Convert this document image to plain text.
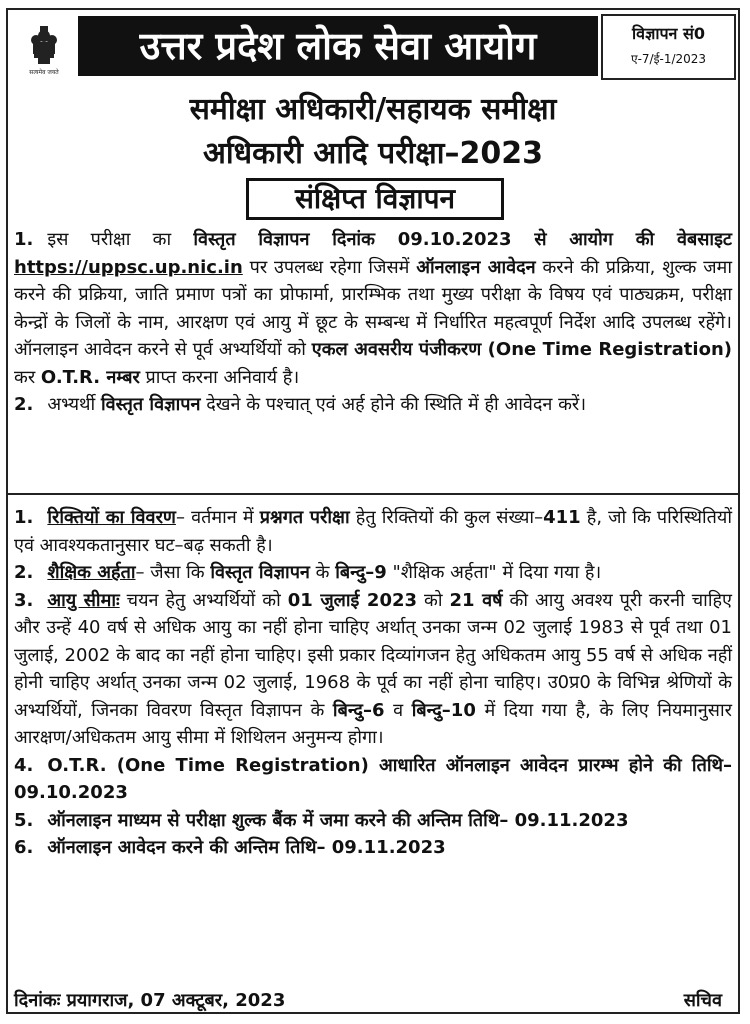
सत्यमेव जयते
उत्तर प्रदेश लोक सेवा आयोग	विज्ञापन सं0
ए-7/ई-1/2023
समीक्षा अधिकारी/सहायक समीक्षा
अधिकारी आदि परीक्षा–2023
संक्षिप्त विज्ञापन

1. इस परीक्षा का विस्तृत विज्ञापन दिनांक 09.10.2023 से आयोग की वेबसाइट https://uppsc.up.nic.in पर उपलब्ध रहेगा जिसमें ऑनलाइन आवेदन करने की प्रक्रिया, शुल्क जमा करने की प्रक्रिया, जाति प्रमाण पत्रों का प्रोफार्मा, प्रारम्भिक तथा मुख्य परीक्षा के विषय एवं पाठ्यक्रम, परीक्षा केन्द्रों के जिलों के नाम, आरक्षण एवं आयु में छूट के सम्बन्ध में निर्धारित महत्वपूर्ण निर्देश आदि उपलब्ध रहेंगे। ऑनलाइन आवेदन करने से पूर्व अभ्यर्थियों को एकल अवसरीय पंजीकरण (One Time Registration) कर O.T.R. नम्बर प्राप्त करना अनिवार्य है।

2. अभ्यर्थी विस्तृत विज्ञापन देखने के पश्चात् एवं अर्ह होने की स्थिति में ही आवेदन करें।

1. रिक्तियों का विवरण– वर्तमान में प्रश्नगत परीक्षा हेतु रिक्तियों की कुल संख्या–411 है, जो कि परिस्थितियों एवं आवश्यकतानुसार घट–बढ़ सकती है।

2. शैक्षिक अर्हता– जैसा कि विस्तृत विज्ञापन के बिन्दु–9 "शैक्षिक अर्हता" में दिया गया है।

3. आयु सीमाः चयन हेतु अभ्यर्थियों को 01 जुलाई 2023 को 21 वर्ष की आयु अवश्य पूरी करनी चाहिए और उन्हें 40 वर्ष से अधिक आयु का नहीं होना चाहिए अर्थात् उनका जन्म 02 जुलाई 1983 से पूर्व तथा 01 जुलाई, 2002 के बाद का नहीं होना चाहिए। इसी प्रकार दिव्यांगजन हेतु अधिकतम आयु 55 वर्ष से अधिक नहीं होनी चाहिए अर्थात् उनका जन्म 02 जुलाई, 1968 के पूर्व का नहीं होना चाहिए। उ0प्र0 के विभिन्न श्रेणियों के अभ्यर्थियों, जिनका विवरण विस्तृत विज्ञापन के बिन्दु–6 व बिन्दु–10 में दिया गया है, के लिए नियमानुसार आरक्षण/अधिकतम आयु सीमा में शिथिलन अनुमन्य होगा।

4. O.T.R. (One Time Registration) आधारित ऑनलाइन आवेदन प्रारम्भ होने की तिथि– 09.10.2023

5. ऑनलाइन माध्यम से परीक्षा शुल्क बैंक में जमा करने की अन्तिम तिथि– 09.11.2023

6. ऑनलाइन आवेदन करने की अन्तिम तिथि– 09.11.2023

दिनांकः प्रयागराज, 07 अक्टूबर, 2023	सचिव
